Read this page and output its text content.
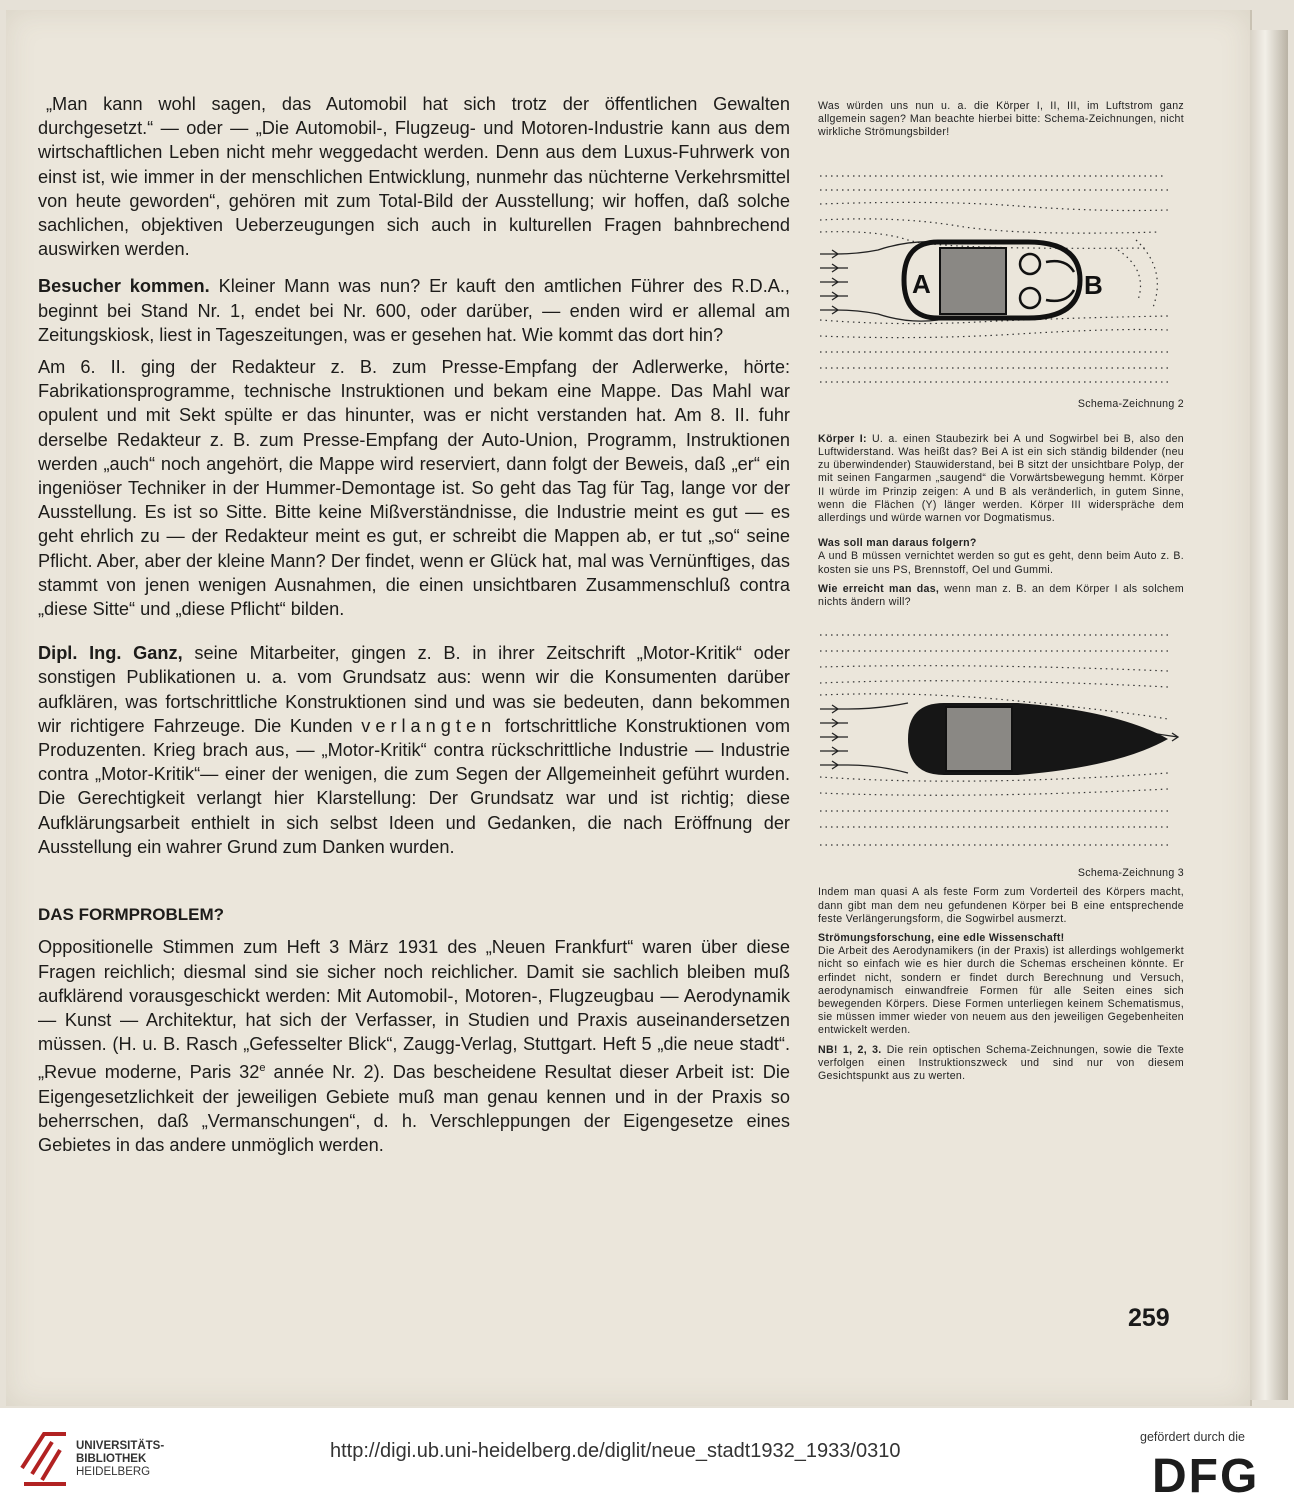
„Man kann wohl sagen, das Automobil hat sich trotz der öffentlichen Gewalten durchgesetzt.“ — oder — „Die Automobil-, Flugzeug- und Motoren-Industrie kann aus dem wirtschaftlichen Leben nicht mehr weggedacht werden. Denn aus dem Luxus-Fuhrwerk von einst ist, wie immer in der menschlichen Entwicklung, nunmehr das nüchterne Verkehrsmittel von heute geworden“, gehören mit zum Total-Bild der Ausstellung; wir hoffen, daß solche sachlichen, objektiven Ueberzeugungen sich auch in kulturellen Fragen bahnbrechend auswirken werden.

Besucher kommen. Kleiner Mann was nun? Er kauft den amtlichen Führer des R.D.A., beginnt bei Stand Nr. 1, endet bei Nr. 600, oder darüber, — enden wird er allemal am Zeitungskiosk, liest in Tageszeitungen, was er gesehen hat. Wie kommt das dort hin?

Am 6. II. ging der Redakteur z. B. zum Presse-Empfang der Adlerwerke, hörte: Fabrikationsprogramme, technische Instruktionen und bekam eine Mappe. Das Mahl war opulent und mit Sekt spülte er das hinunter, was er nicht verstanden hat. Am 8. II. fuhr derselbe Redakteur z. B. zum Presse-Empfang der Auto-Union, Programm, Instruktionen werden „auch“ noch angehört, die Mappe wird reserviert, dann folgt der Beweis, daß „er“ ein ingeniöser Techniker in der Hummer-Demontage ist. So geht das Tag für Tag, lange vor der Ausstellung. Es ist so Sitte. Bitte keine Mißverständnisse, die Industrie meint es gut — es geht ehrlich zu — der Redakteur meint es gut, er schreibt die Mappen ab, er tut „so“ seine Pflicht. Aber, aber der kleine Mann? Der findet, wenn er Glück hat, mal was Vernünftiges, das stammt von jenen wenigen Ausnahmen, die einen unsichtbaren Zusammenschluß contra „diese Sitte“ und „diese Pflicht“ bilden.

Dipl. Ing. Ganz, seine Mitarbeiter, gingen z. B. in ihrer Zeitschrift „Motor-Kritik“ oder sonstigen Publikationen u. a. vom Grundsatz aus: wenn wir die Konsumenten darüber aufklären, was fortschrittliche Konstruktionen sind und was sie bedeuten, dann bekommen wir richtigere Fahrzeuge. Die Kunden verlangten fortschrittliche Konstruktionen vom Produzenten. Krieg brach aus, — „Motor-Kritik“ contra rückschrittliche Industrie — Industrie contra „Motor-Kritik“— einer der wenigen, die zum Segen der Allgemeinheit geführt wurden. Die Gerechtigkeit verlangt hier Klarstellung: Der Grundsatz war und ist richtig; diese Aufklärungsarbeit enthielt in sich selbst Ideen und Gedanken, die nach Eröffnung der Ausstellung ein wahrer Grund zum Danken wurden.

DAS FORMPROBLEM?

Oppositionelle Stimmen zum Heft 3 März 1931 des „Neuen Frankfurt“ waren über diese Fragen reichlich; diesmal sind sie sicher noch reichlicher. Damit sie sachlich bleiben muß aufklärend vorausgeschickt werden: Mit Automobil-, Motoren-, Flugzeugbau — Aerodynamik — Kunst — Architektur, hat sich der Verfasser, in Studien und Praxis auseinandersetzen müssen. (H. u. B. Rasch „Gefesselter Blick“, Zaugg-Verlag, Stuttgart. Heft 5 „die neue stadt“. „Revue moderne, Paris 32e année Nr. 2). Das bescheidene Resultat dieser Arbeit ist: Die Eigengesetzlichkeit der jeweiligen Gebiete muß man genau kennen und in der Praxis so beherrschen, daß „Vermanschungen“, d. h. Verschleppungen der Eigengesetze eines Gebietes in das andere unmöglich werden.

Was würden uns nun u. a. die Körper I, II, III, im Luftstrom ganz allgemein sagen? Man beachte hierbei bitte: Schema-Zeichnungen, nicht wirkliche Strömungsbilder!

A	B

Schema-Zeichnung 2

Körper I: U. a. einen Staubezirk bei A und Sogwirbel bei B, also den Luftwiderstand. Was heißt das? Bei A ist ein sich ständig bildender (neu zu überwindender) Stauwiderstand, bei B sitzt der unsichtbare Polyp, der mit seinen Fangarmen „saugend“ die Vorwärtsbewegung hemmt. Körper II würde im Prinzip zeigen: A und B als veränderlich, in gutem Sinne, wenn die Flächen (Y) länger werden. Körper III widerspräche dem allerdings und würde warnen vor Dogmatismus.

Was soll man daraus folgern?

A und B müssen vernichtet werden so gut es geht, denn beim Auto z. B. kosten sie uns PS, Brennstoff, Oel und Gummi.

Wie erreicht man das, wenn man z. B. an dem Körper I als solchem nichts ändern will?

Schema-Zeichnung 3

Indem man quasi A als feste Form zum Vorderteil des Körpers macht, dann gibt man dem neu gefundenen Körper bei B eine entsprechende feste Verlängerungsform, die Sogwirbel ausmerzt.

Strömungsforschung, eine edle Wissenschaft!

Die Arbeit des Aerodynamikers (in der Praxis) ist allerdings wohlgemerkt nicht so einfach wie es hier durch die Schemas erscheinen könnte. Er erfindet nicht, sondern er findet durch Berechnung und Versuch, aerodynamisch einwandfreie Formen für alle Seiten eines sich bewegenden Körpers. Diese Formen unterliegen keinem Schematismus, sie müssen immer wieder von neuem aus den jeweiligen Gegebenheiten entwickelt werden.

NB! 1, 2, 3. Die rein optischen Schema-Zeichnungen, sowie die Texte verfolgen einen Instruktionszweck und sind nur von diesem Gesichtspunkt aus zu werten.

259
UNIVERSITÄTS-
BIBLIOTHEK
HEIDELBERG
http://digi.ub.uni-heidelberg.de/diglit/neue_stadt1932_1933/0310
gefördert durch die
DFG
